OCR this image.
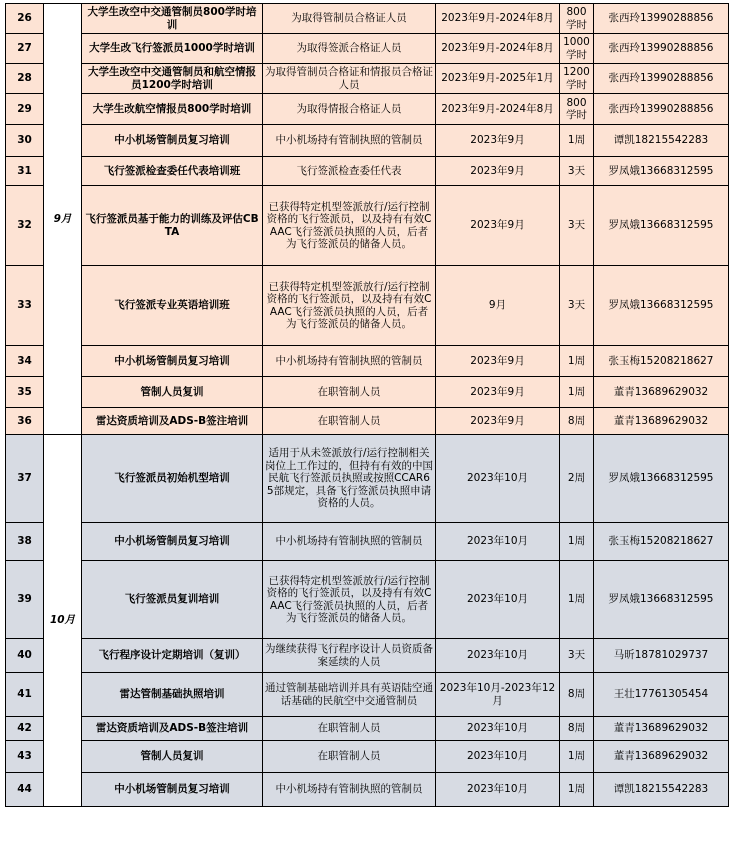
26	9月	大学生改空中交通管制员800学时培训	为取得管制员合格证人员	2023年9月-2024年8月	800学时	张西玲13990288856
27		大学生改飞行签派员1000学时培训	为取得签派合格证人员	2023年9月-2024年8月	1000学时	张西玲13990288856
28		大学生改空中交通管制员和航空情报员1200学时培训	为取得管制员合格证和情报员合格证人员	2023年9月-2025年1月	1200学时	张西玲13990288856
29		大学生改航空情报员800学时培训	为取得情报合格证人员	2023年9月-2024年8月	800学时	张西玲13990288856
30		中小机场管制员复习培训	中小机场持有管制执照的管制员	2023年9月	1周	谭凯18215542283
31		飞行签派检查委任代表培训班	飞行签派检查委任代表	2023年9月	3天	罗凤娥13668312595
32		飞行签派员基于能力的训练及评估CBTA	已获得特定机型签派放行/运行控制资格的飞行签派员，以及持有有效CAAC飞行签派员执照的人员，后者为飞行签派员的储备人员。	2023年9月	3天	罗凤娥13668312595
33		飞行签派专业英语培训班	已获得特定机型签派放行/运行控制资格的飞行签派员，以及持有有效CAAC飞行签派员执照的人员，后者为飞行签派员的储备人员。	9月	3天	罗凤娥13668312595
34		中小机场管制员复习培训	中小机场持有管制执照的管制员	2023年9月	1周	张玉梅15208218627
35		管制人员复训	在职管制人员	2023年9月	1周	董青13689629032
36		雷达资质培训及ADS-B签注培训	在职管制人员	2023年9月	8周	董青13689629032
37	10月	飞行签派员初始机型培训	适用于从未签派放行/运行控制相关岗位上工作过的，但持有有效的中国民航飞行签派员执照或按照CCAR65部规定，具备飞行签派员执照申请资格的人员。	2023年10月	2周	罗凤娥13668312595
38		中小机场管制员复习培训	中小机场持有管制执照的管制员	2023年10月	1周	张玉梅15208218627
39		飞行签派员复训培训	已获得特定机型签派放行/运行控制资格的飞行签派员，以及持有有效CAAC飞行签派员执照的人员，后者为飞行签派员的储备人员。	2023年10月	1周	罗凤娥13668312595
40		飞行程序设计定期培训（复训）	为继续获得飞行程序设计人员资质备案延续的人员	2023年10月	3天	马昕18781029737
41		雷达管制基础执照培训	通过管制基础培训并具有英语陆空通话基础的民航空中交通管制员	2023年10月-2023年12月	8周	王壮17761305454
42		雷达资质培训及ADS-B签注培训	在职管制人员	2023年10月	8周	董青13689629032
43		管制人员复训	在职管制人员	2023年10月	1周	董青13689629032
44		中小机场管制员复习培训	中小机场持有管制执照的管制员	2023年10月	1周	谭凯18215542283
